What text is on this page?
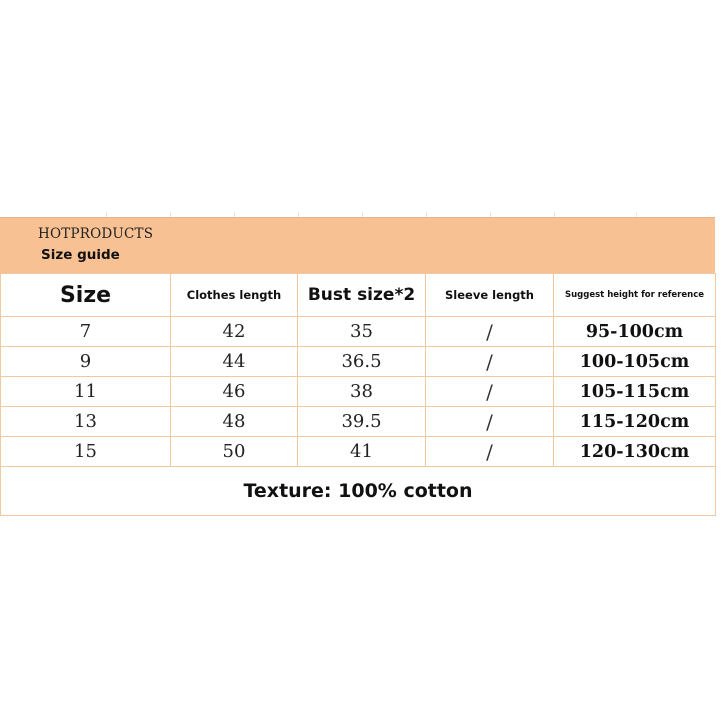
HOTPRODUCTS
Size guide
Size	Clothes length	Bust size*2	Sleeve length	Suggest height for reference
7	42	35	/	95-100cm
9	44	36.5	/	100-105cm
11	46	38	/	105-115cm
13	48	39.5	/	115-120cm
15	50	41	/	120-130cm
Texture: 100% cotton				
